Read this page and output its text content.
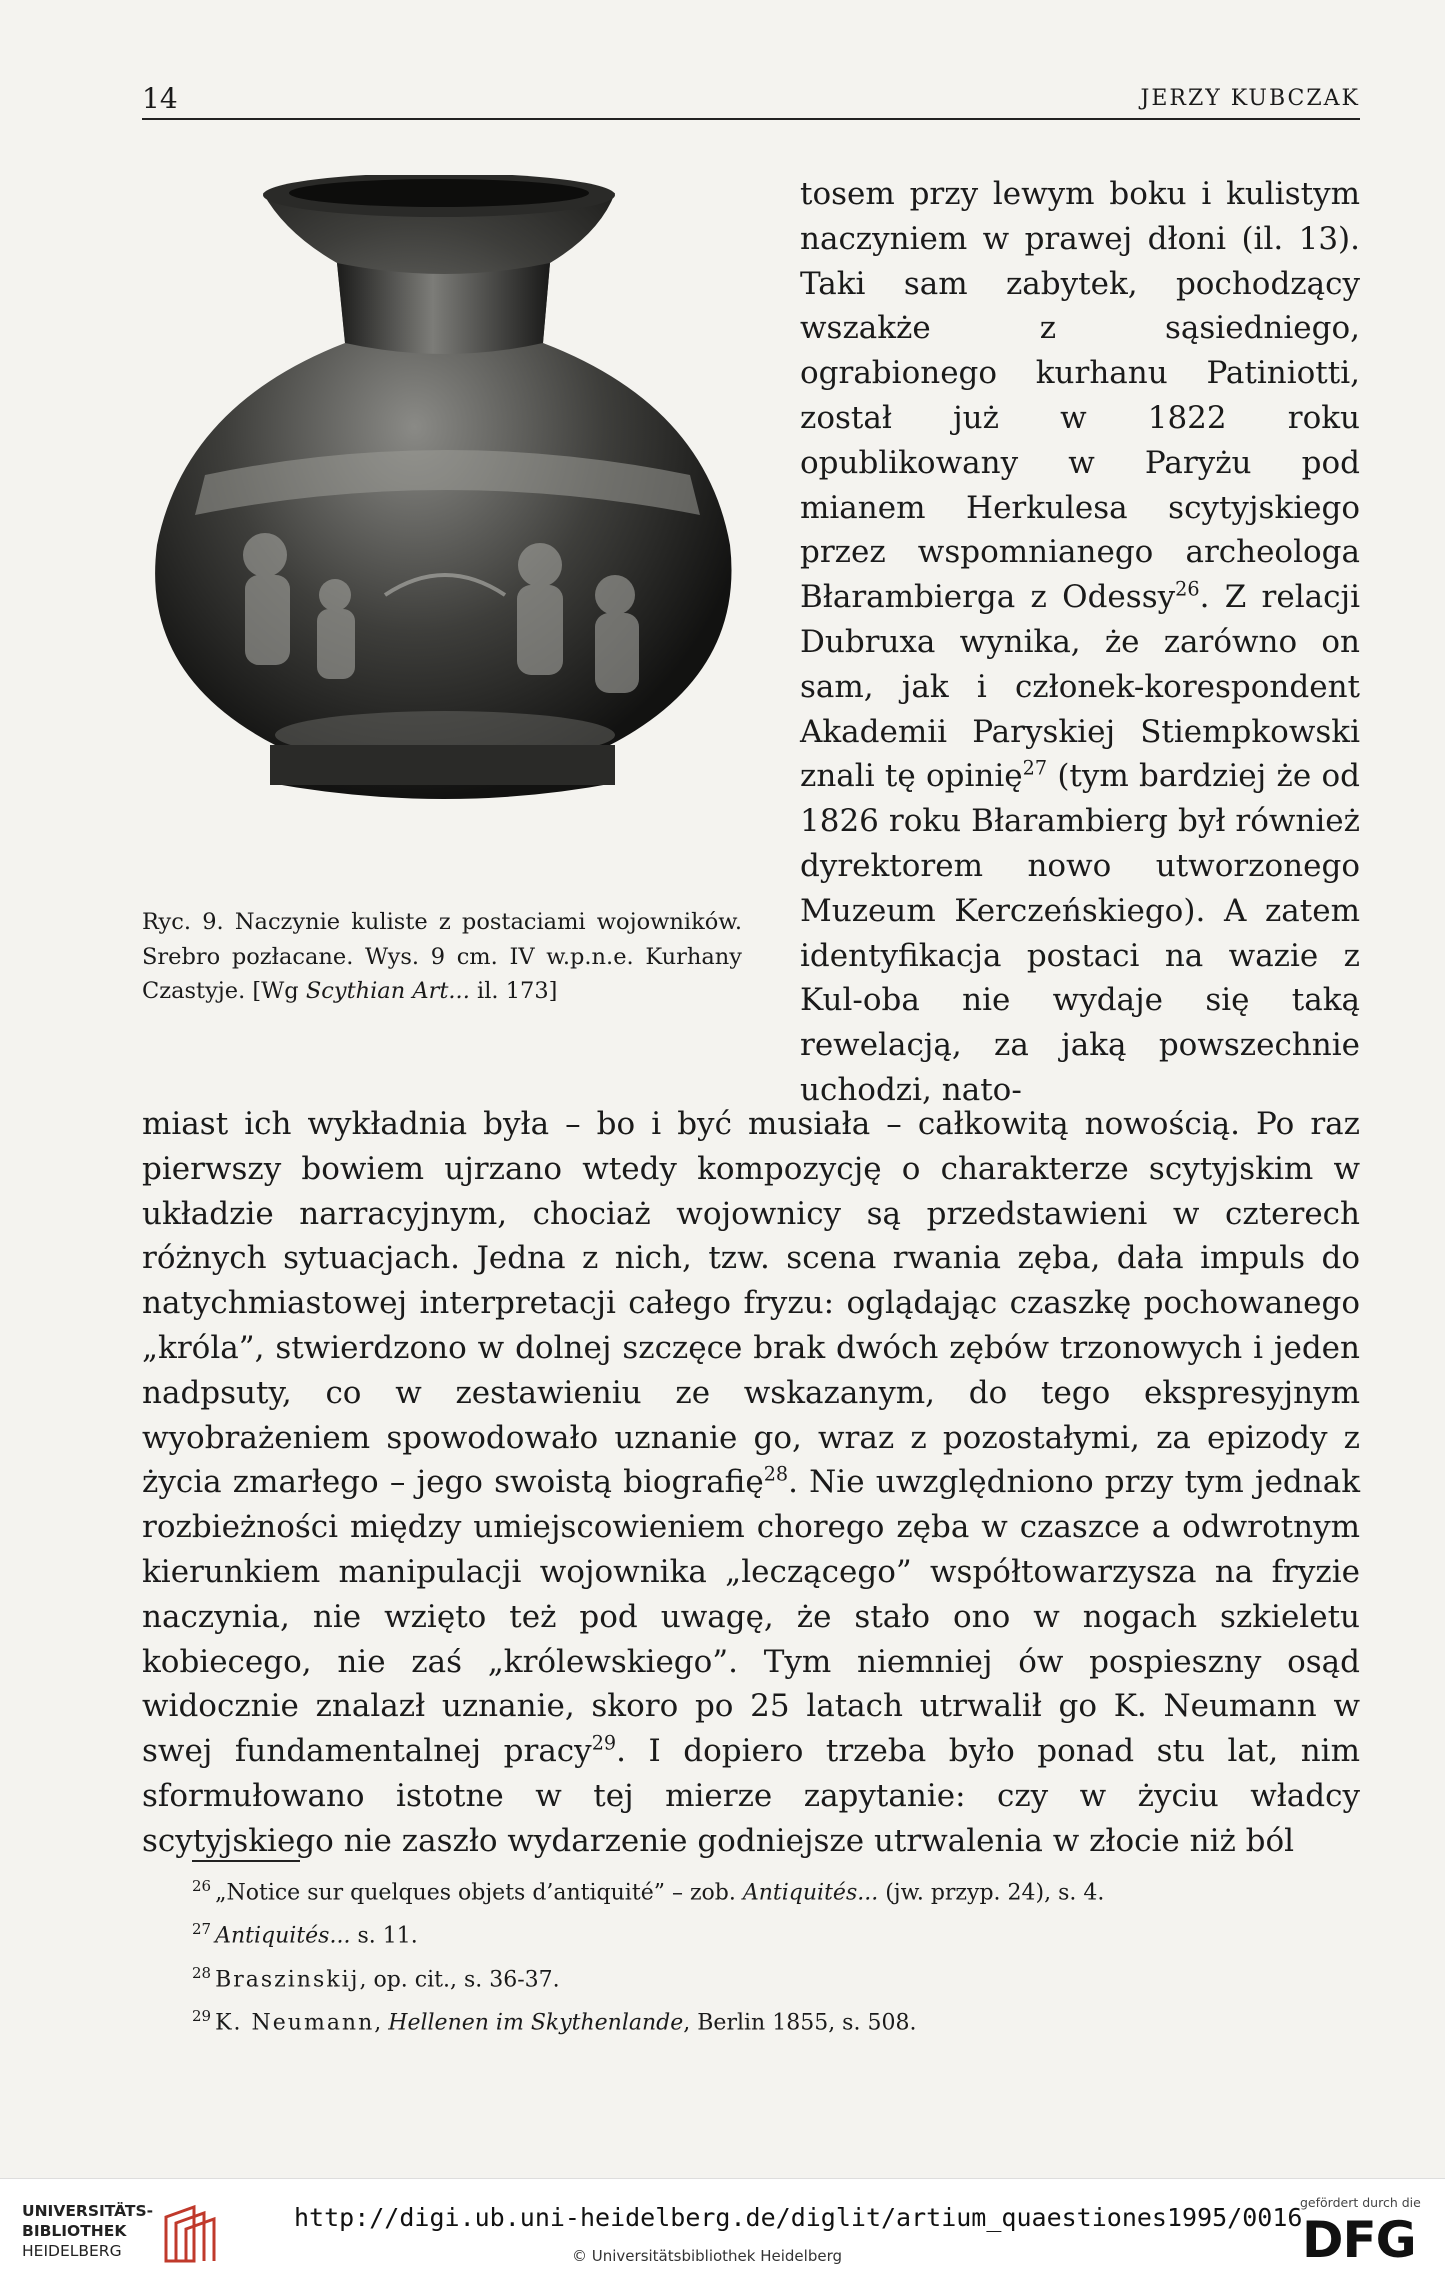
14	JERZY KUBCZAK
Ryc. 9. Naczynie kuliste z postaciami wojowników. Srebro pozłacane. Wys. 9 cm. IV w.p.n.e. Kurhany Czastyje. [Wg Scythian Art... il. 173]

tosem przy lewym boku i kulistym naczyniem w prawej dłoni (il. 13). Taki sam zabytek, pochodzący wszakże z sąsiedniego, ograbionego kurhanu Patiniotti, został już w 1822 roku opublikowany w Paryżu pod mianem Herkulesa scytyjskiego przez wspomnianego archeologa Błarambierga z Odessy$^{26}$. Z relacji Dubruxa wynika, że zarówno on sam, jak i członek-korespondent Akademii Paryskiej Stiempkowski znali tę opinię$^{27}$ (tym bardziej że od 1826 roku Błarambierg był również dyrektorem nowo utworzonego Muzeum Kerczeńskiego). A zatem identyfikacja postaci na wazie z Kul-oba nie wydaje się taką rewelacją, za jaką powszechnie uchodzi, nato-

miast ich wykładnia była – bo i być musiała – całkowitą nowością. Po raz pierwszy bowiem ujrzano wtedy kompozycję o charakterze scytyjskim w układzie narracyjnym, chociaż wojownicy są przedstawieni w czterech różnych sytuacjach. Jedna z nich, tzw. scena rwania zęba, dała impuls do natychmiastowej interpretacji całego fryzu: oglądając czaszkę pochowanego „króla”, stwierdzono w dolnej szczęce brak dwóch zębów trzonowych i jeden nadpsuty, co w zestawieniu ze wskazanym, do tego ekspresyjnym wyobrażeniem spowodowało uznanie go, wraz z pozostałymi, za epizody z życia zmarłego – jego swoistą biografię$^{28}$. Nie uwzględniono przy tym jednak rozbieżności między umiejscowieniem chorego zęba w czaszce a odwrotnym kierunkiem manipulacji wojownika „leczącego” współtowarzysza na fryzie naczynia, nie wzięto też pod uwagę, że stało ono w nogach szkieletu kobiecego, nie zaś „królewskiego”. Tym niemniej ów pospieszny osąd widocznie znalazł uznanie, skoro po 25 latach utrwalił go K. Neumann w swej fundamentalnej pracy$^{29}$. I dopiero trzeba było ponad stu lat, nim sformułowano istotne w tej mierze zapytanie: czy w życiu władcy scytyjskiego nie zaszło wydarzenie godniejsze utrwalenia w złocie niż ból

$^{26}$ „Notice sur quelques objets d’antiquité” – zob. Antiquités... (jw. przyp. 24), s. 4.
$^{27}$ Antiquités... s. 11.
$^{28}$ Braszinskij, op. cit., s. 36-37.
$^{29}$ K. Neumann, Hellenen im Skythenlande, Berlin 1855, s. 508.
UNIVERSITÄTS-
BIBLIOTHEK
HEIDELBERG
http://digi.ub.uni-heidelberg.de/diglit/artium_quaestiones1995/0016
© Universitätsbibliothek Heidelberg
gefördert durch die
DFG
